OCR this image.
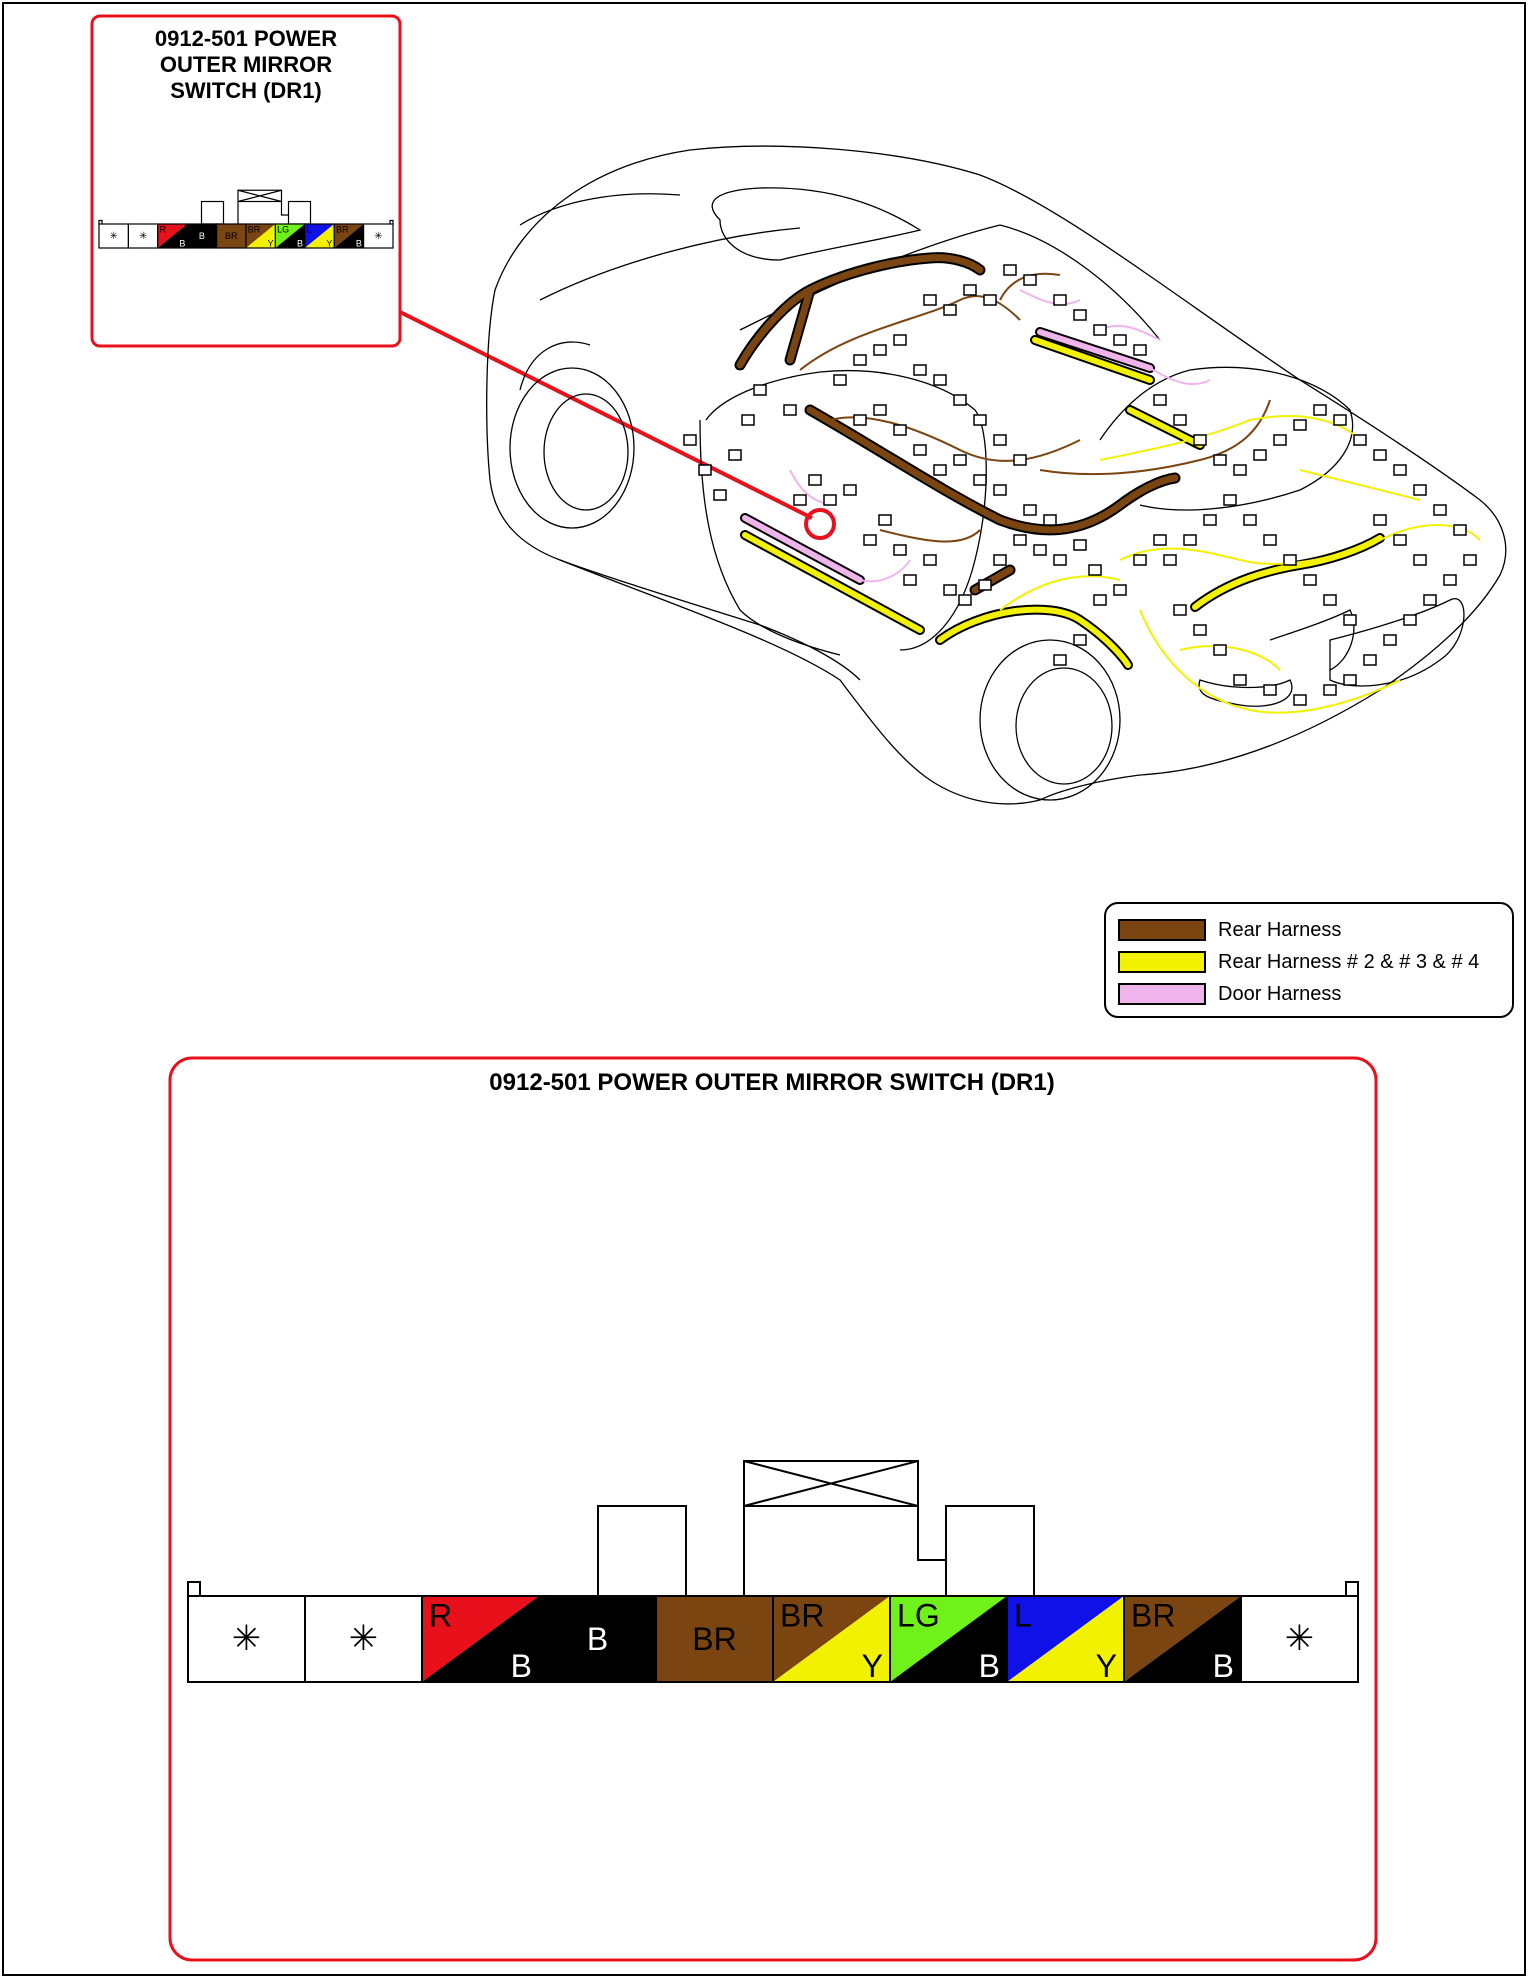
0912-501 POWER
OUTER MIRROR
SWITCH (DR1)
✳ ✳
R
B
B BR
BR
Y
LG
B
L
Y
BR
B
✳
Rear Harness
Rear Harness # 2 & # 3 & # 4
Door Harness
0912-501 POWER OUTER MIRROR SWITCH (DR1)
✳ ✳
R
B
B	BR
BR
Y
LG
B
L
Y
BR
B
✳
